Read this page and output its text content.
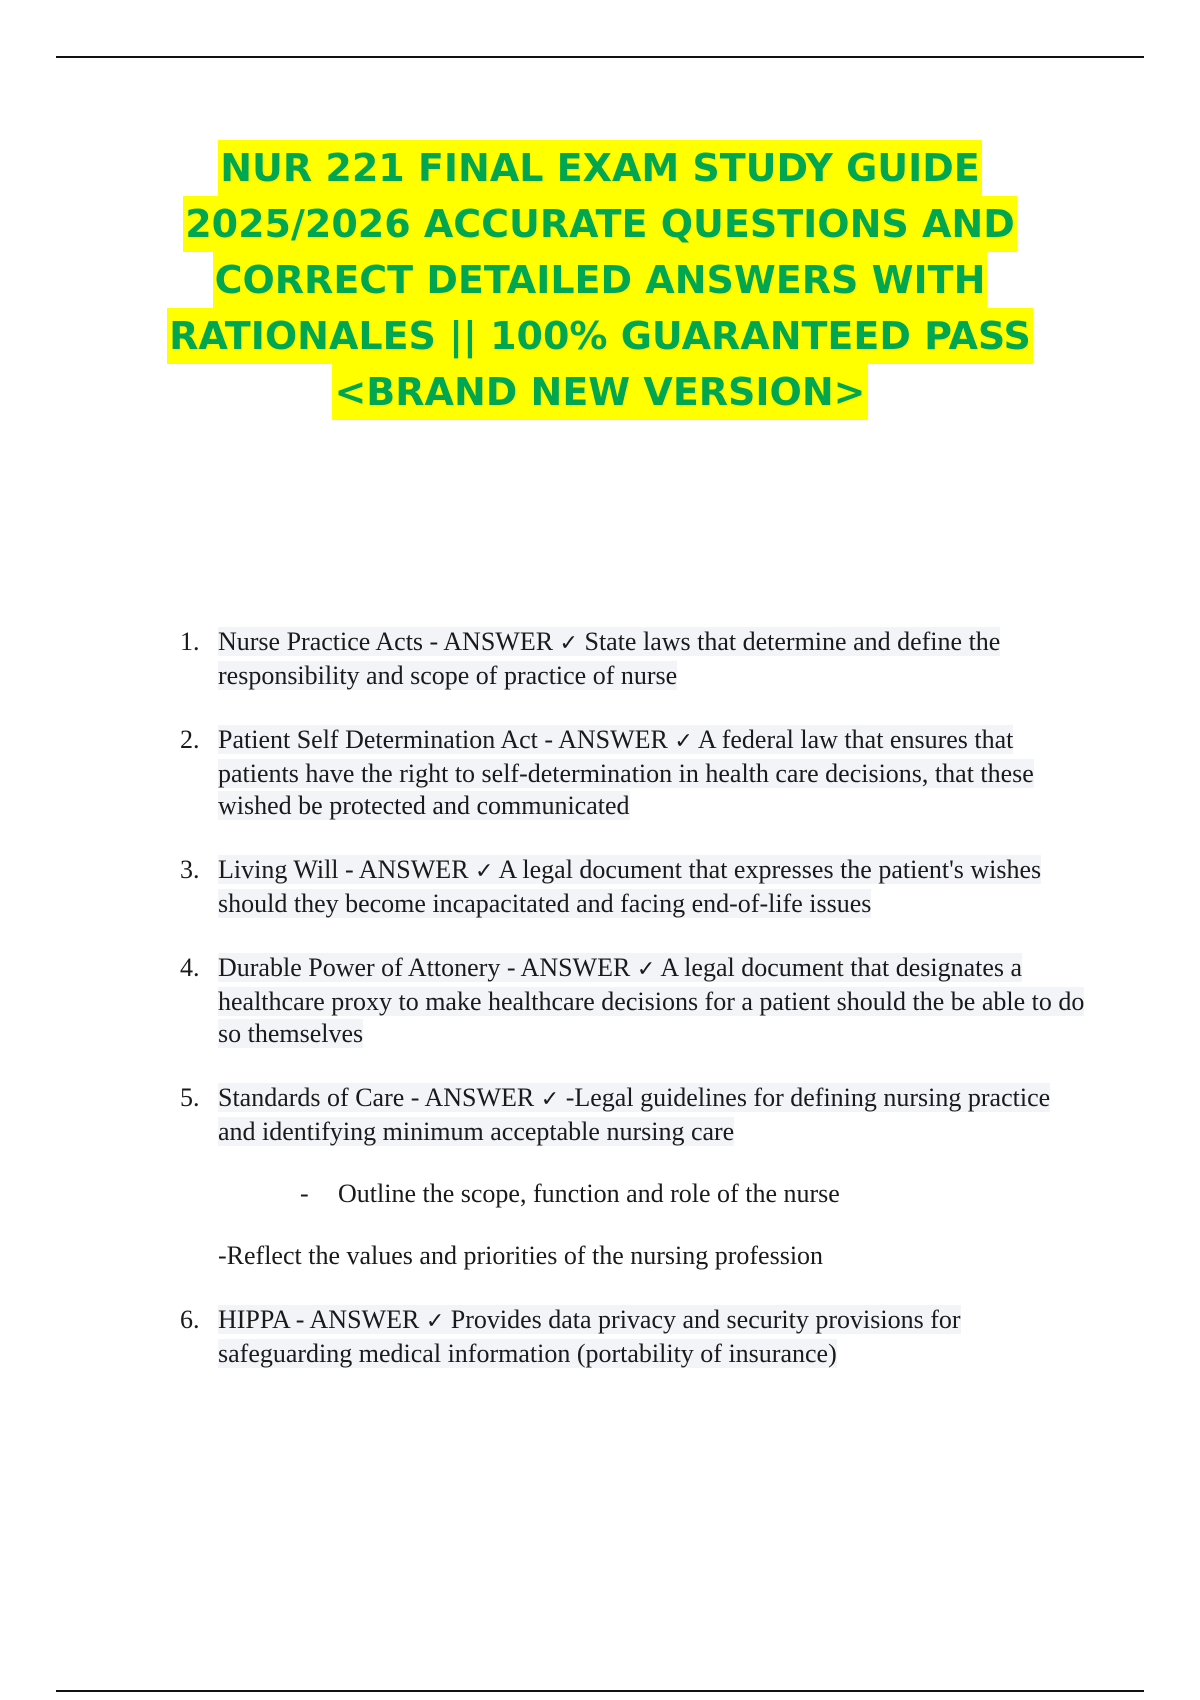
NUR 221 FINAL EXAM STUDY GUIDE
2025/2026 ACCURATE QUESTIONS AND
CORRECT DETAILED ANSWERS WITH
RATIONALES || 100% GUARANTEED PASS
<BRAND NEW VERSION>
1. Nurse Practice Acts - ANSWER ✓ State laws that determine and define the responsibility and scope of practice of nurse
2. Patient Self Determination Act - ANSWER ✓ A federal law that ensures that patients have the right to self-determination in health care decisions, that these wished be protected and communicated
3. Living Will - ANSWER ✓ A legal document that expresses the patient's wishes should they become incapacitated and facing end-of-life issues
4. Durable Power of Attonery - ANSWER ✓ A legal document that designates a healthcare proxy to make healthcare decisions for a patient should the be able to do so themselves
5. Standards of Care - ANSWER ✓ -Legal guidelines for defining nursing practice and identifying minimum acceptable nursing care
- Outline the scope, function and role of the nurse
-Reflect the values and priorities of the nursing profession
6. HIPPA - ANSWER ✓ Provides data privacy and security provisions for safeguarding medical information (portability of insurance)
